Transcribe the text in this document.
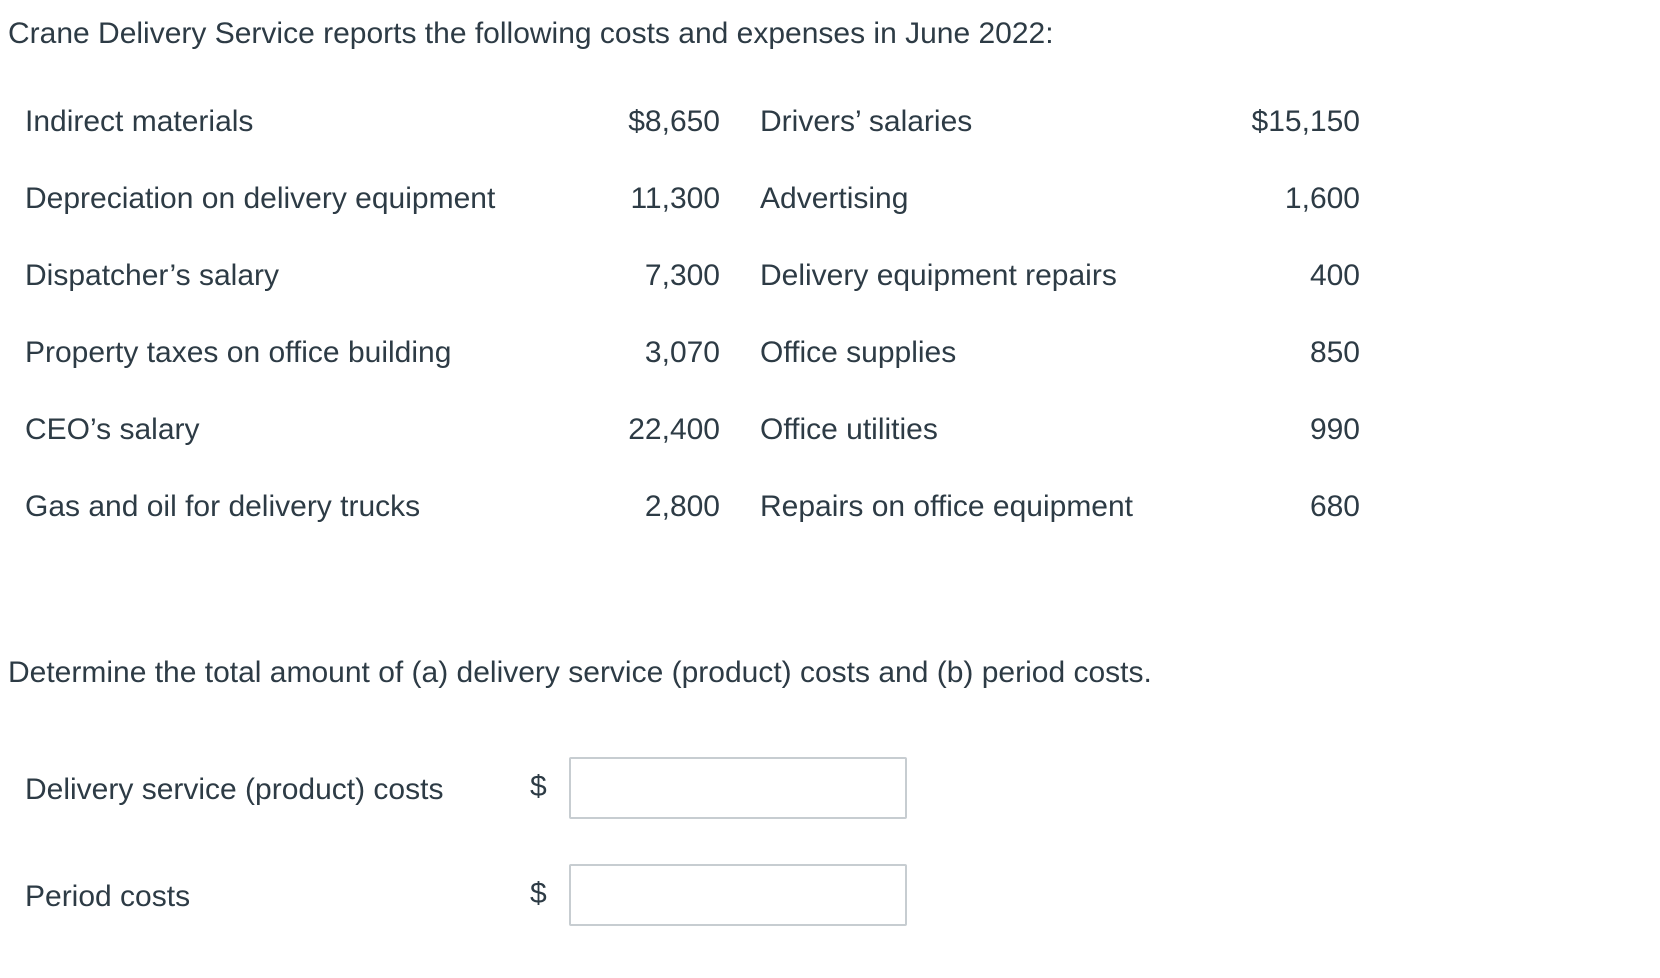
Crane Delivery Service reports the following costs and expenses in June 2022:
Indirect materials	$8,650 Drivers’ salaries	$15,150
Depreciation on delivery equipment	11,300 Advertising	1,600
Dispatcher’s salary	7,300 Delivery equipment repairs	400
Property taxes on office building	3,070 Office supplies	850
CEO’s salary	22,400 Office utilities	990
Gas and oil for delivery trucks	2,800 Repairs on office equipment	680
Determine the total amount of (a) delivery service (product) costs and (b) period costs.
Delivery service (product) costs	$
Period costs	$
